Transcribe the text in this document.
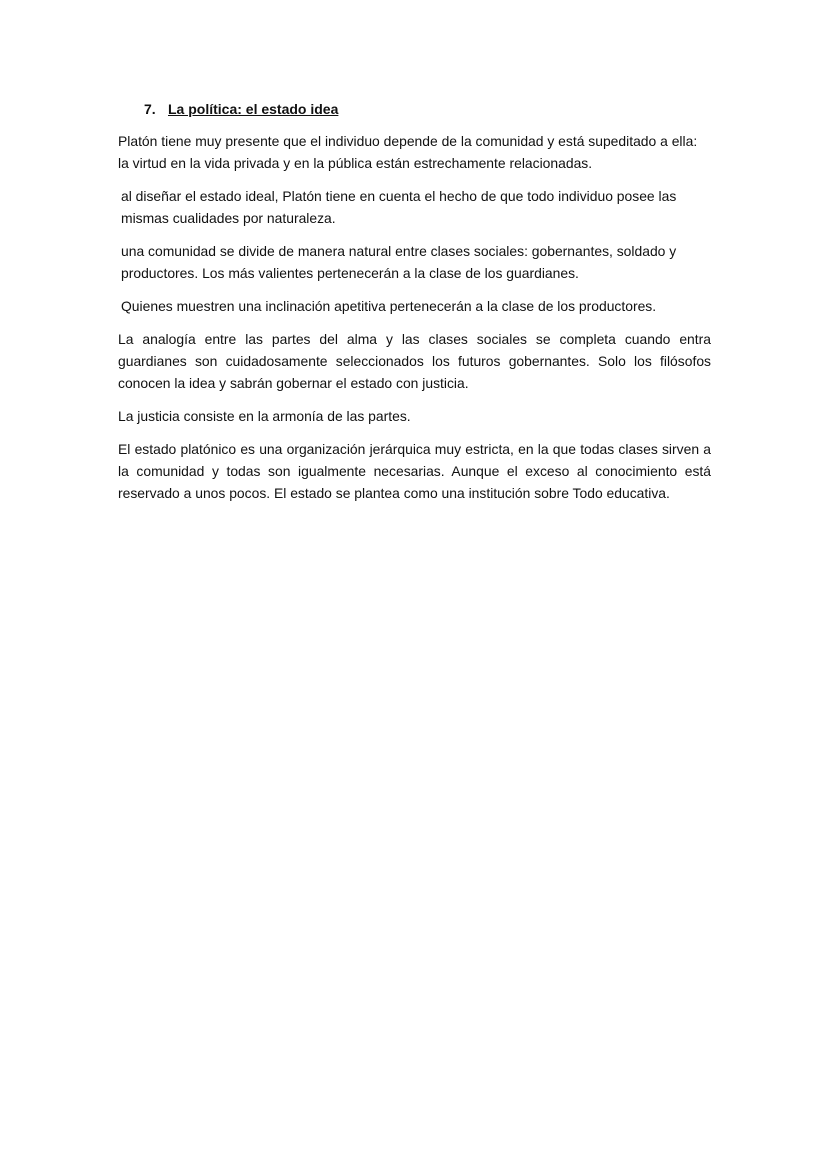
7. La política: el estado idea

Platón tiene muy presente que el individuo depende de la comunidad y está supeditado a ella: la virtud en la vida privada y en la pública están estrechamente relacionadas.

al diseñar el estado ideal, Platón tiene en cuenta el hecho de que todo individuo posee las mismas cualidades por naturaleza.

una comunidad se divide de manera natural entre clases sociales: gobernantes, soldado y productores. Los más valientes pertenecerán a la clase de los guardianes.

Quienes muestren una inclinación apetitiva pertenecerán a la clase de los productores.

La analogía entre las partes del alma y las clases sociales se completa cuando entra guardianes son cuidadosamente seleccionados los futuros gobernantes. Solo los filósofos conocen la idea y sabrán gobernar el estado con justicia.

La justicia consiste en la armonía de las partes.

El estado platónico es una organización jerárquica muy estricta, en la que todas clases sirven a la comunidad y todas son igualmente necesarias. Aunque el exceso al conocimiento está reservado a unos pocos. El estado se plantea como una institución sobre Todo educativa.
